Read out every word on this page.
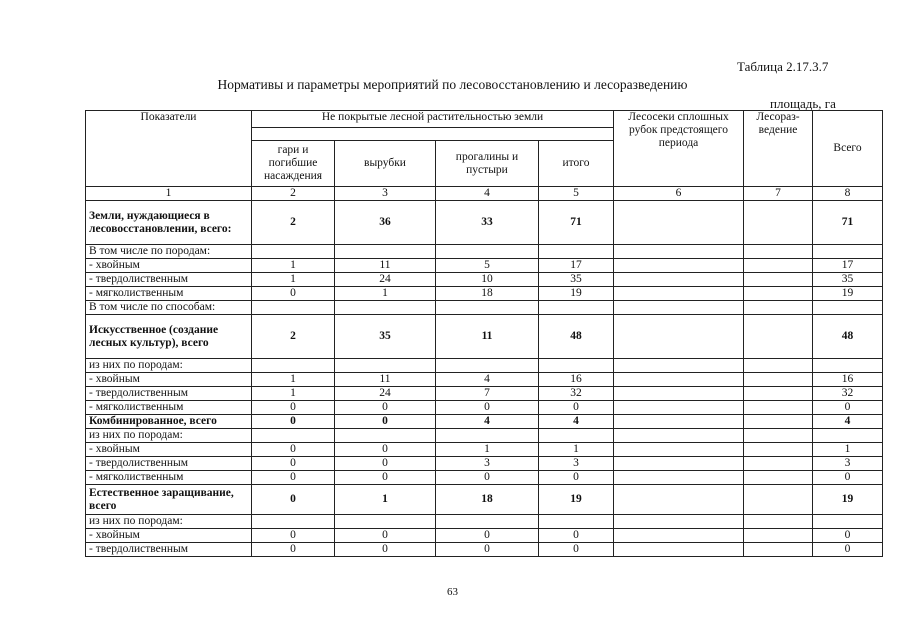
Таблица 2.17.3.7
Нормативы и параметры мероприятий по лесовосстановлению и лесоразведению
площадь, га
Показатели	Не покрытые лесной растительностью земли				Лесосеки сплошных рубок предстоящего периода	Лесораз-ведение	Всего

	гари и погибшие насаждения	вырубки	прогалины и пустыри	итого			
1	2	3	4	5	6	7	8
Земли, нуждающиеся в лесовосстановлении, всего:	2	36	33	71			71
В том числе по породам:							
- хвойным	1	11	5	17			17
- твердолиственным	1	24	10	35			35
- мягколиственным	0	1	18	19			19
В том числе по способам:							
Искусственное (создание лесных культур), всего	2	35	11	48			48
из них по породам:							
- хвойным	1	11	4	16			16
- твердолиственным	1	24	7	32			32
- мягколиственным	0	0	0	0			0
Комбинированное, всего	0	0	4	4			4
из них по породам:							
- хвойным	0	0	1	1			1
- твердолиственным	0	0	3	3			3
- мягколиственным	0	0	0	0			0
Естественное заращивание, всего	0	1	18	19			19
из них по породам:							
- хвойным	0	0	0	0			0
- твердолиственным	0	0	0	0			0
63
